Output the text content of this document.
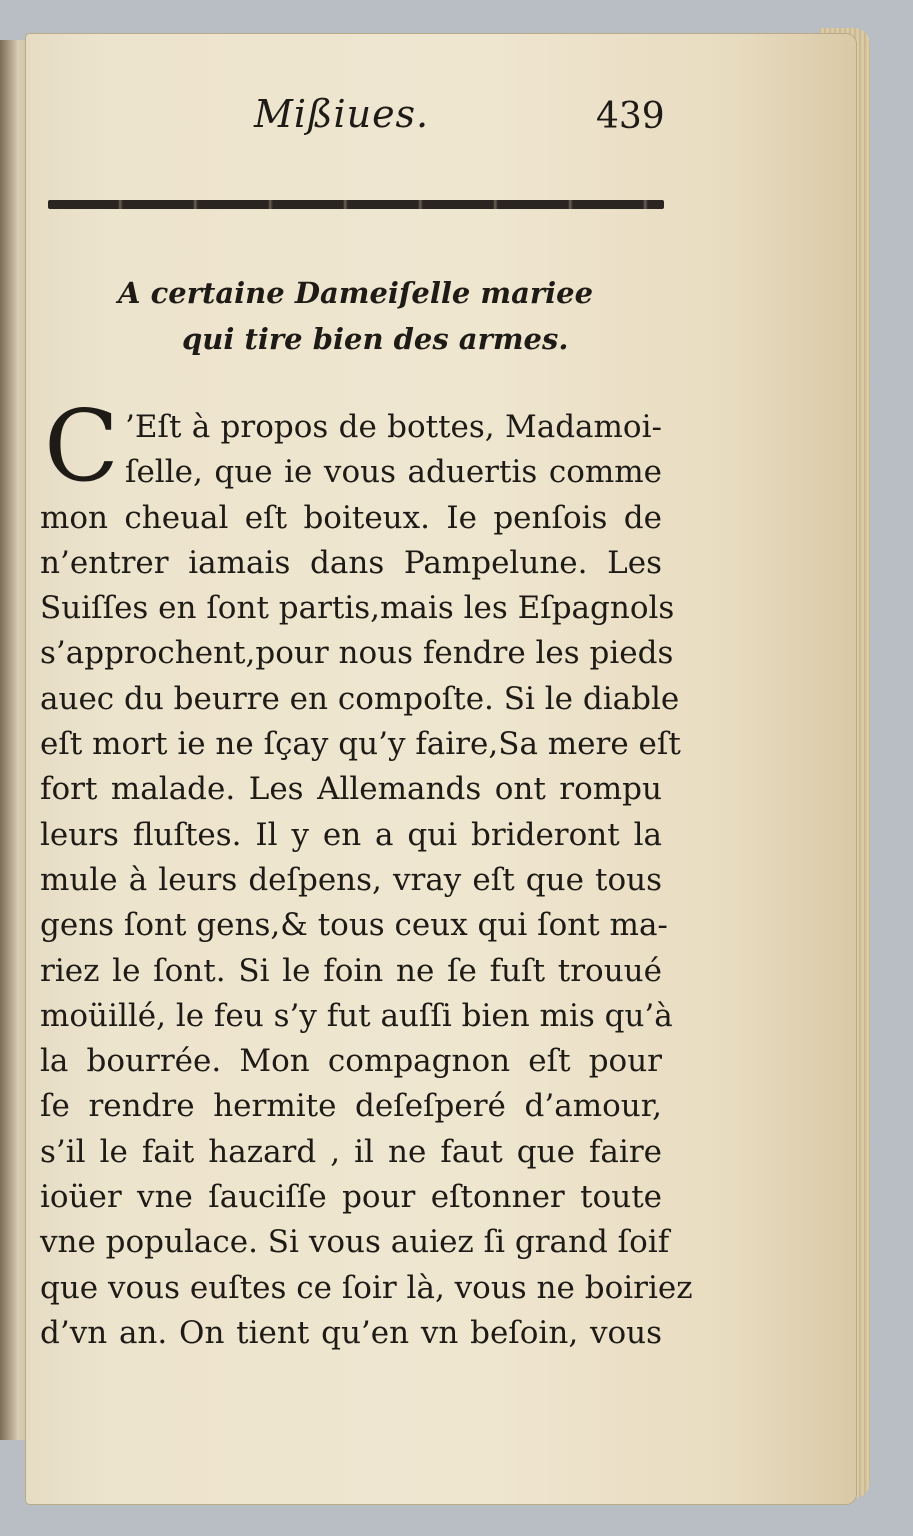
Mißiues.	439
A certaine Dameiſelle mariee
qui tire bien des armes.
C ’Eſt à propos de bottes, Madamoi-
ſelle, que ie vous aduertis comme
mon cheual eſt boiteux. Ie penſois de
n’entrer iamais dans Pampelune. Les
Suiſſes en ſont partis,mais les Eſpagnols
s’approchent,pour nous fendre les pieds
auec du beurre en compoſte. Si le diable
eſt mort ie ne ſçay qu’y faire,Sa mere eſt
fort malade. Les Allemands ont rompu
leurs fluſtes. Il y en a qui brideront la
mule à leurs deſpens, vray eſt que tous
gens ſont gens,& tous ceux qui ſont ma-
riez le ſont. Si le foin ne ſe fuſt trouué
moüillé, le feu s’y fut auſſi bien mis qu’à
la bourrée. Mon compagnon eſt pour
ſe rendre hermite deſeſperé d’amour,
s’il le fait hazard , il ne faut que faire
ioüer vne ſauciſſe pour eſtonner toute
vne populace. Si vous auiez ſi grand ſoif
que vous euſtes ce ſoir là, vous ne boiriez
d’vn an. On tient qu’en vn beſoin, vous
